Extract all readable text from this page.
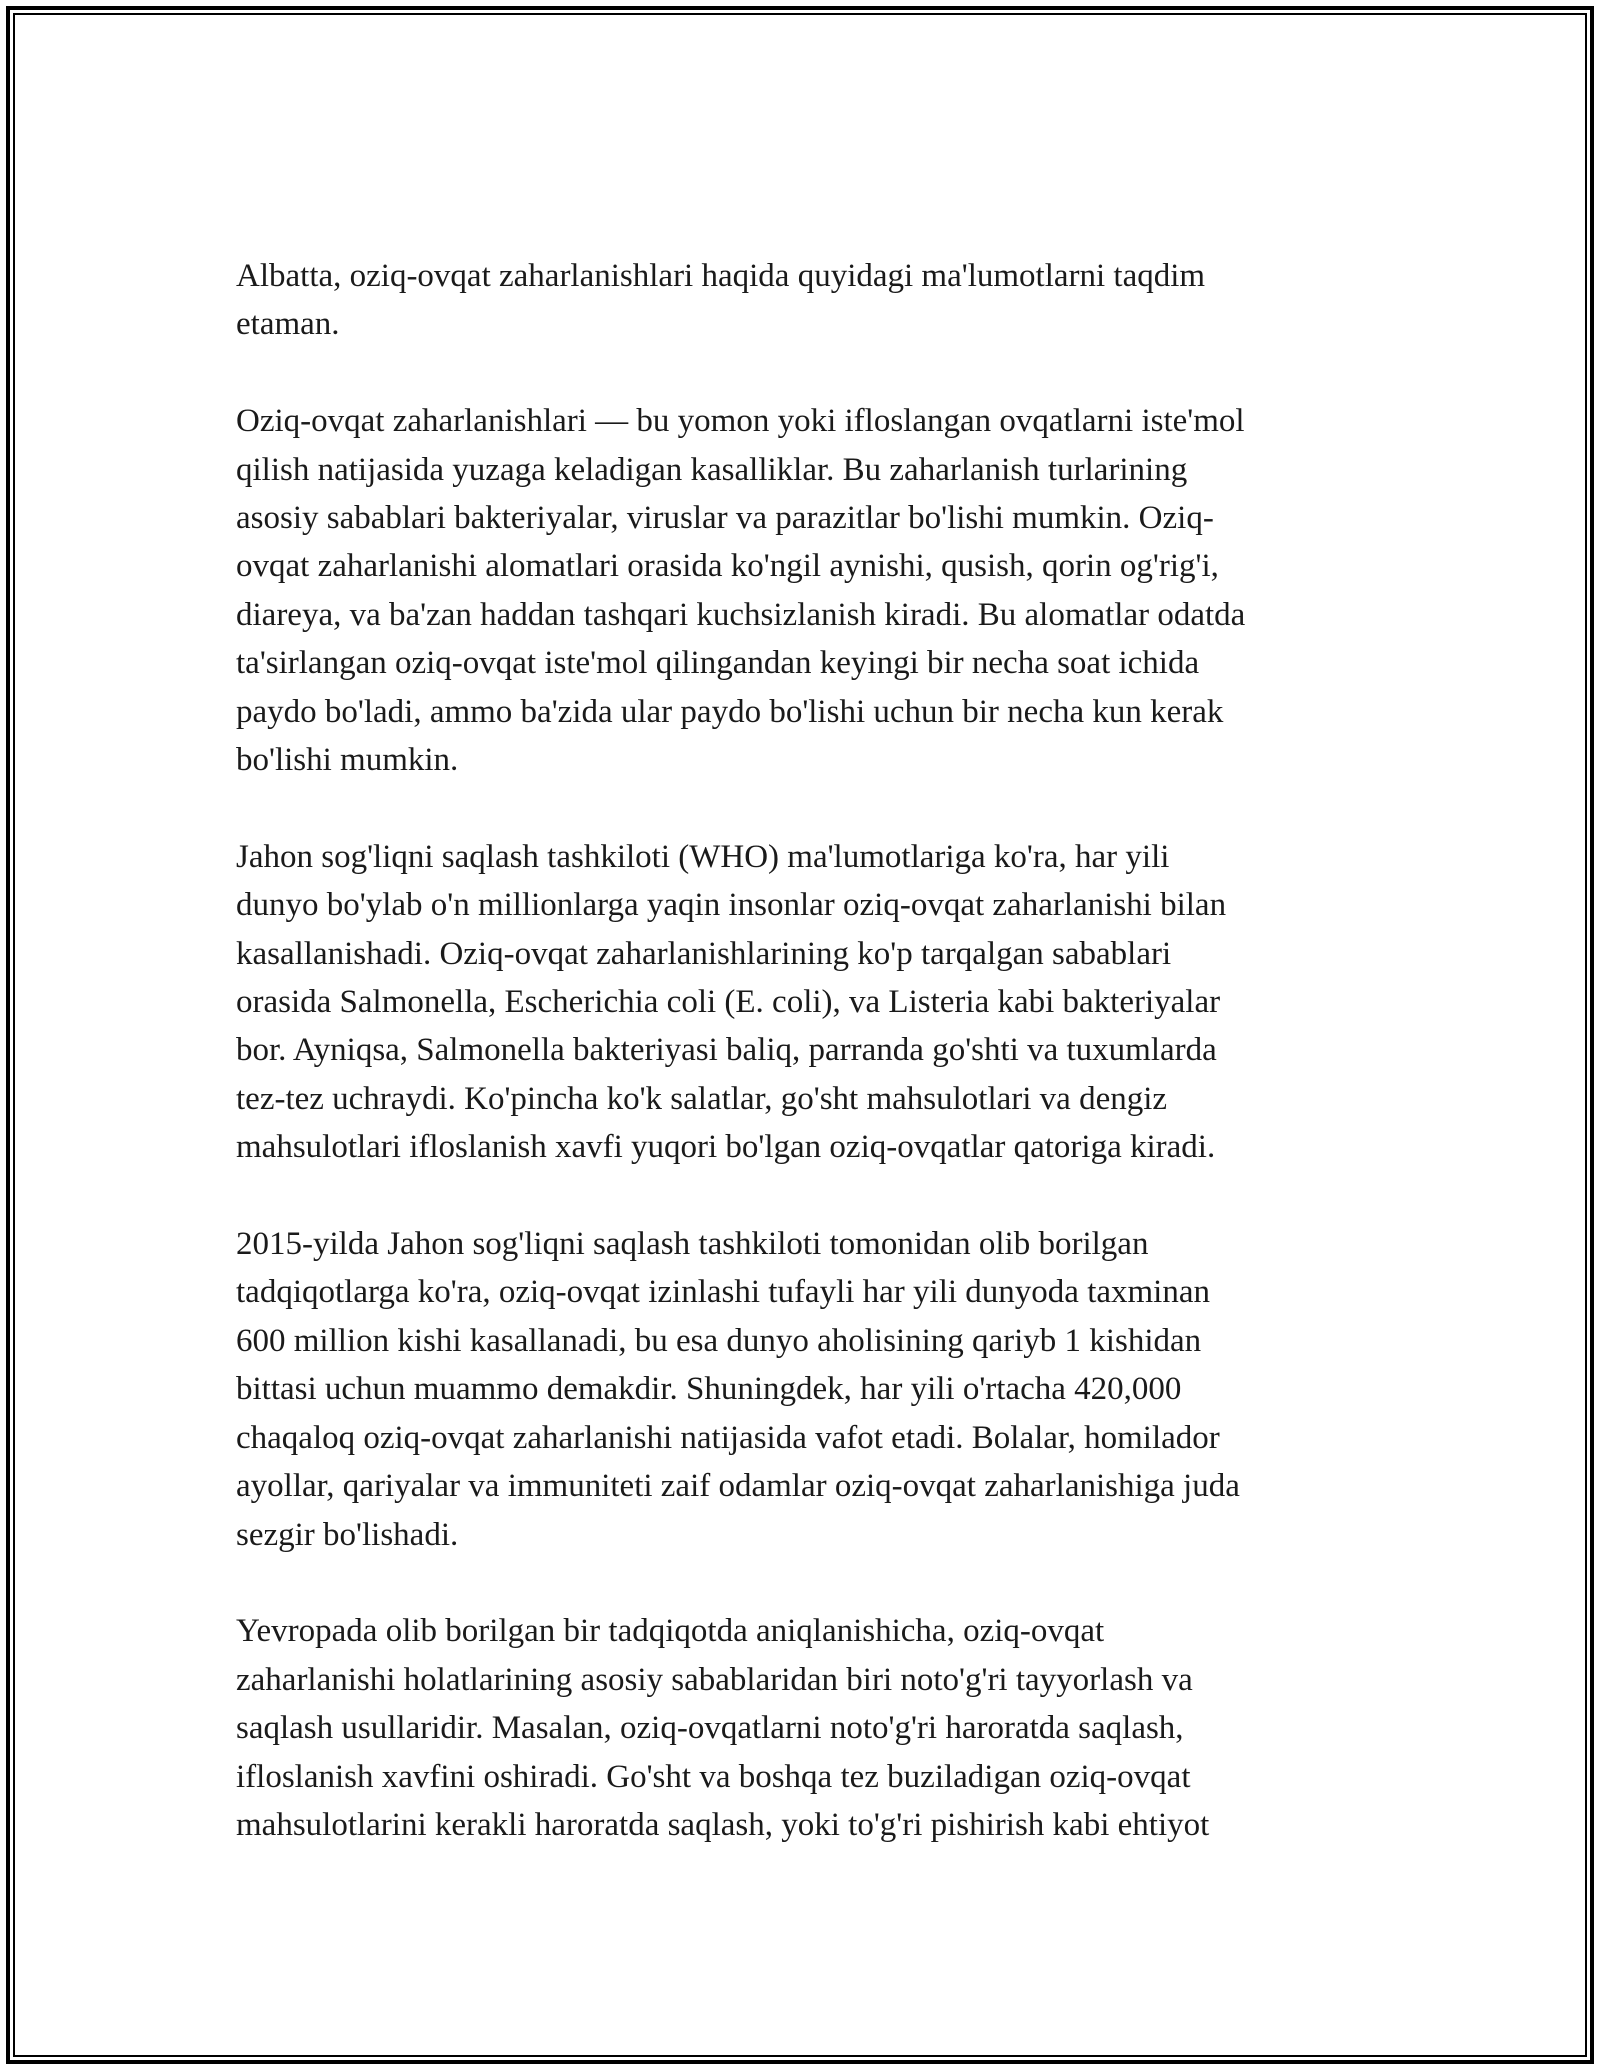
Albatta, oziq-ovqat zaharlanishlari haqida quyidagi ma'lumotlarni taqdim
etaman.

Oziq-ovqat zaharlanishlari — bu yomon yoki ifloslangan ovqatlarni iste'mol
qilish natijasida yuzaga keladigan kasalliklar. Bu zaharlanish turlarining
asosiy sabablari bakteriyalar, viruslar va parazitlar bo'lishi mumkin. Oziq-
ovqat zaharlanishi alomatlari orasida ko'ngil aynishi, qusish, qorin og'rig'i,
diareya, va ba'zan haddan tashqari kuchsizlanish kiradi. Bu alomatlar odatda
ta'sirlangan oziq-ovqat iste'mol qilingandan keyingi bir necha soat ichida
paydo bo'ladi, ammo ba'zida ular paydo bo'lishi uchun bir necha kun kerak
bo'lishi mumkin.

Jahon sog'liqni saqlash tashkiloti (WHO) ma'lumotlariga ko'ra, har yili
dunyo bo'ylab o'n millionlarga yaqin insonlar oziq-ovqat zaharlanishi bilan
kasallanishadi. Oziq-ovqat zaharlanishlarining ko'p tarqalgan sabablari
orasida Salmonella, Escherichia coli (E. coli), va Listeria kabi bakteriyalar
bor. Ayniqsa, Salmonella bakteriyasi baliq, parranda go'shti va tuxumlarda
tez-tez uchraydi. Ko'pincha ko'k salatlar, go'sht mahsulotlari va dengiz
mahsulotlari ifloslanish xavfi yuqori bo'lgan oziq-ovqatlar qatoriga kiradi.

2015-yilda Jahon sog'liqni saqlash tashkiloti tomonidan olib borilgan
tadqiqotlarga ko'ra, oziq-ovqat izinlashi tufayli har yili dunyoda taxminan
600 million kishi kasallanadi, bu esa dunyo aholisining qariyb 1 kishidan
bittasi uchun muammo demakdir. Shuningdek, har yili o'rtacha 420,000
chaqaloq oziq-ovqat zaharlanishi natijasida vafot etadi. Bolalar, homilador
ayollar, qariyalar va immuniteti zaif odamlar oziq-ovqat zaharlanishiga juda
sezgir bo'lishadi.

Yevropada olib borilgan bir tadqiqotda aniqlanishicha, oziq-ovqat
zaharlanishi holatlarining asosiy sabablaridan biri noto'g'ri tayyorlash va
saqlash usullaridir. Masalan, oziq-ovqatlarni noto'g'ri haroratda saqlash,
ifloslanish xavfini oshiradi. Go'sht va boshqa tez buziladigan oziq-ovqat
mahsulotlarini kerakli haroratda saqlash, yoki to'g'ri pishirish kabi ehtiyot
